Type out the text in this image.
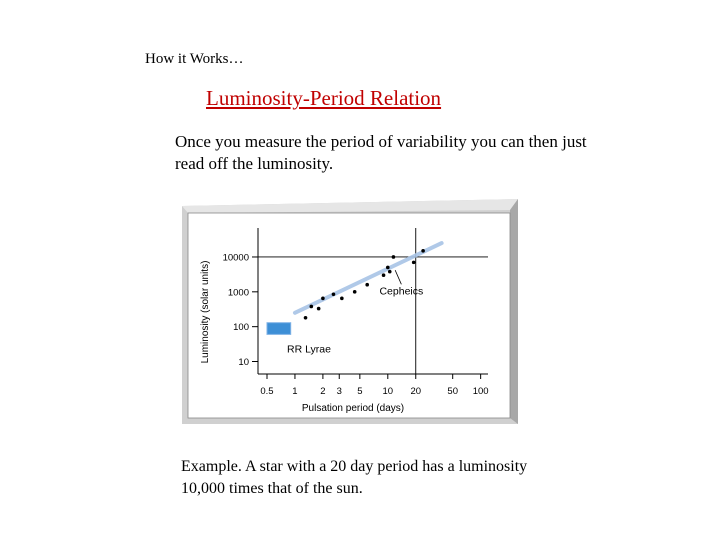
How it Works…
Luminosity-Period Relation
Once you measure the period of variability you can then just read off the luminosity.
0.5 1 2 3 5 10 20	50 100
10
100
1000
10000
Pulsation period (days)
Luminosity (solar units)	RR Lyrae
Cepheics
Example. A star with a 20 day period has a luminosity 10,000 times that of the sun.
